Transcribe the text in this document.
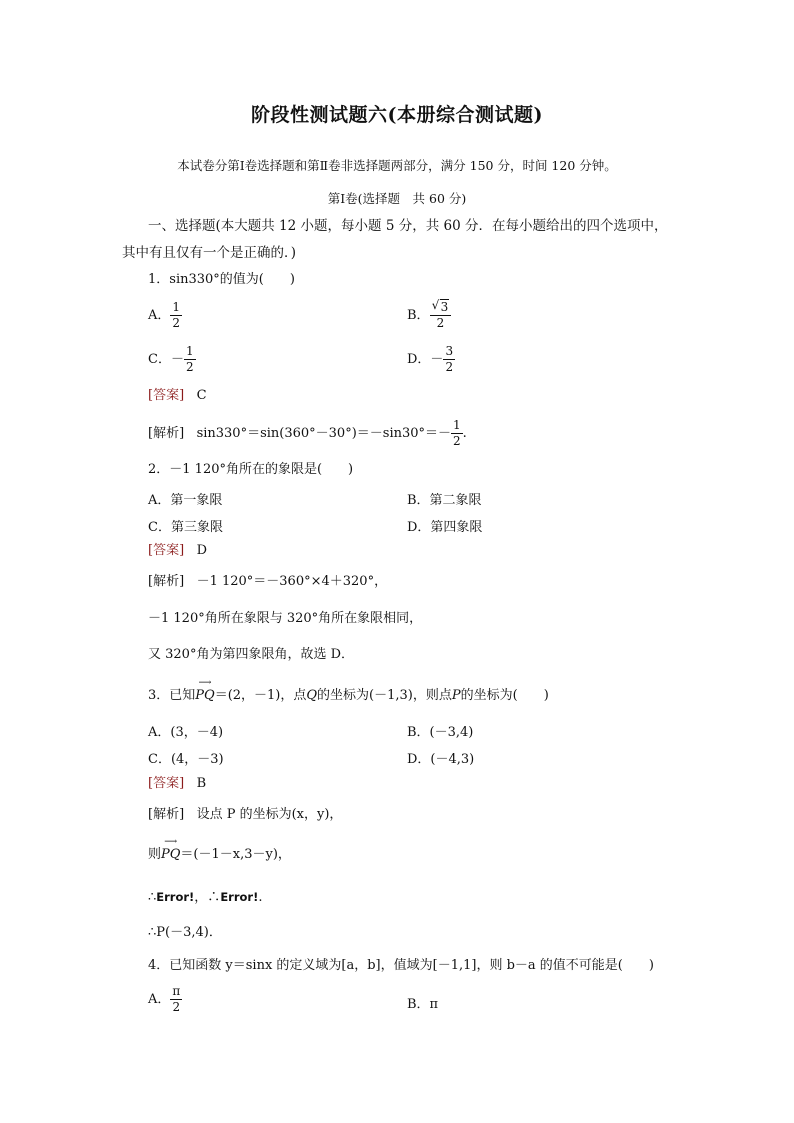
阶段性测试题六(本册综合测试题)
本试卷分第Ⅰ卷选择题和第Ⅱ卷非选择题两部分，满分 150 分，时间 120 分钟。
第Ⅰ卷(选择题　共 60 分)
一、选择题(本大题共 12 小题，每小题 5 分，共 60 分．在每小题给出的四个选项中，
其中有且仅有一个是正确的．)
1．sin330°的值为(　　)
A． $\frac{1}{2}$	B． $\frac{√ 3}{2}$
C．－ $\frac{1}{2}$	D．－ $\frac{3}{2}$
[答案] C
[解析] $\sin 330^\circ=\sin(360^\circ-30^\circ)=-\sin 30^\circ=- \frac{1}{2}$ .
2．－1 120°角所在的象限是(　　)
A．第一象限	B．第二象限
C．第三象限	D．第四象限
[答案] D
[解析] －1 120°＝－360°×4＋320°，
－1 120°角所在象限与 320°角所在象限相同，
又 320°角为第四象限角，故选 D．
3．已知
⟶
PQ＝(2，－1)，点Q的坐标为(－1,3)，则点P的坐标为(　　)
A．(3，－4)	B．(－3,4)
C．(4，－3)	D．(－4,3)
[答案] B
[解析] 设点 P 的坐标为(x，y)，
则
⟶
PQ＝(－1－x,3－y)，
∴Error!，∴Error!.
∴P(－3,4)．
4．已知函数 y＝sinx 的定义域为[a，b]，值域为[－1,1]，则 b－a 的值不可能是(　　)
A． $\frac{\pi}{2}$	B．π
